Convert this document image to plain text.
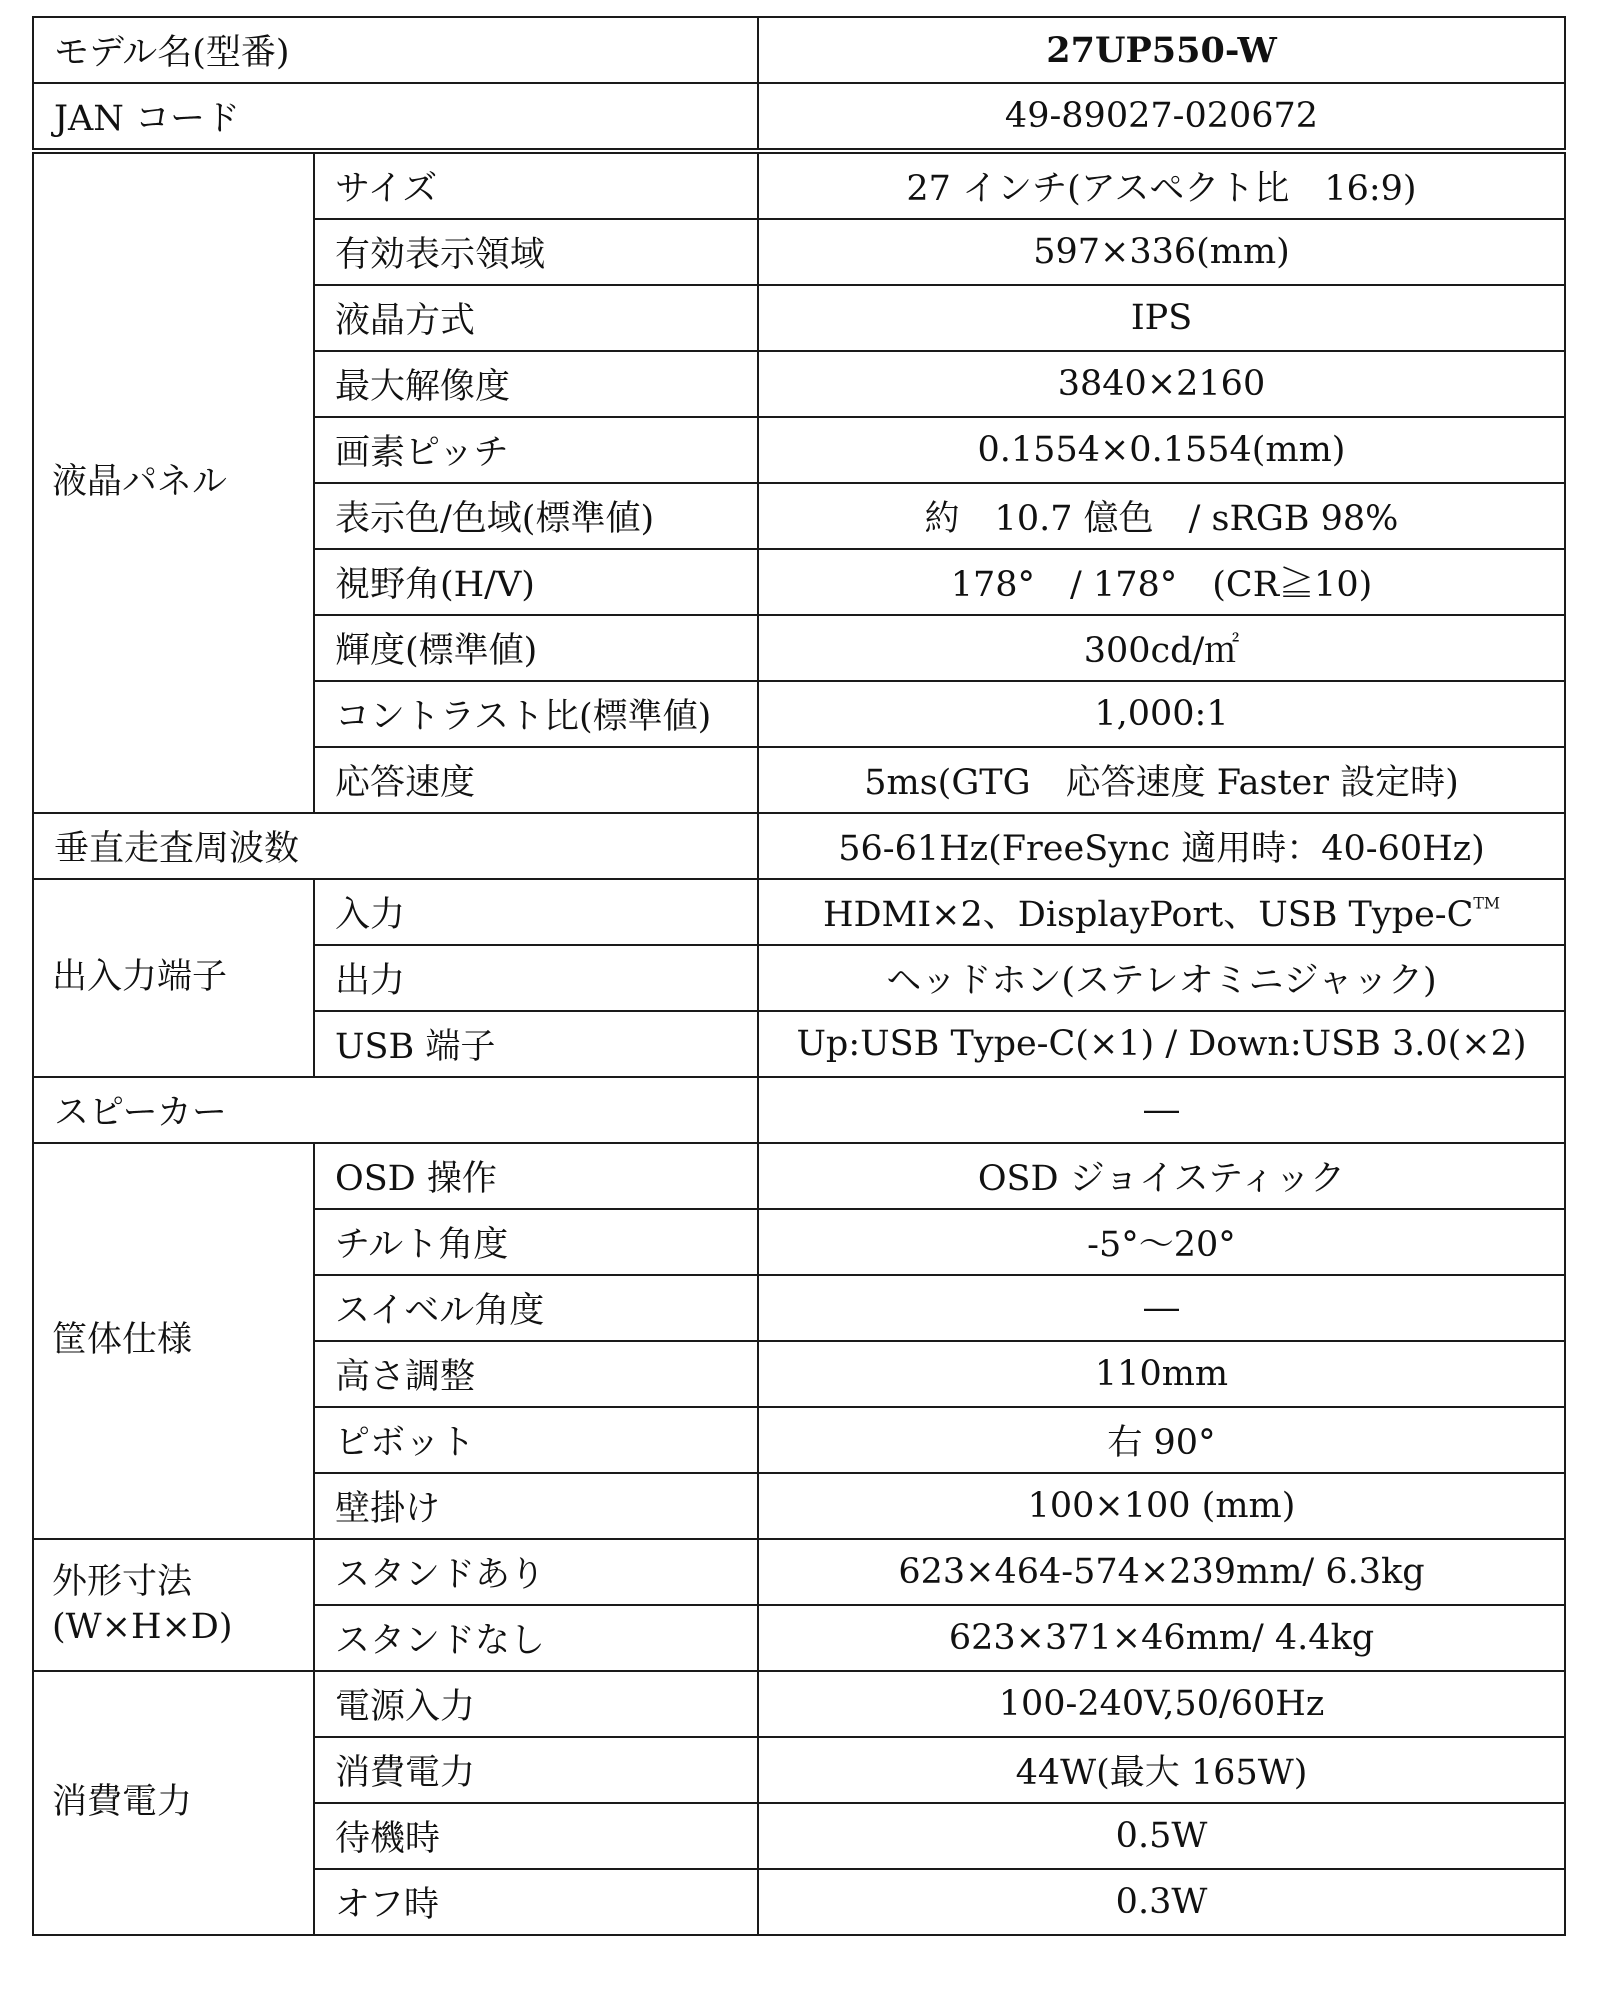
モデル名(型番)		27UP550-W
JAN コード		49-89027-020672
液晶パネル	サイズ	27 インチ(アスペクト比　16:9)
	有効表示領域	597×336(mm)
	液晶方式	IPS
	最大解像度	3840×2160
	画素ピッチ	0.1554×0.1554(mm)
	表示色/色域(標準値)	約　10.7 億色　/ sRGB 98%
	視野角(H/V)	178°　/ 178°　(CR≧10)
	輝度(標準値)	300cd/㎡
	コントラスト比(標準値)	1,000:1
	応答速度	5ms(GTG　応答速度 Faster 設定時)
垂直走査周波数		56-61Hz(FreeSync 適用時：40-60Hz)
出入力端子	入力	HDMI×2、DisplayPort、USB Type-C™
	出力	ヘッドホン(ステレオミニジャック)
	USB 端子	Up:USB Type-C(×1) / Down:USB 3.0(×2)
スピーカー		―
筐体仕様	OSD 操作	OSD ジョイスティック
	チルト角度	-5°～20°
	スイベル角度	―
	高さ調整	110mm
	ピボット	右 90°
	壁掛け	100×100 (mm)
外形寸法
(W×H×D)	スタンドあり	623×464-574×239mm/ 6.3kg
	スタンドなし	623×371×46mm/ 4.4kg
消費電力	電源入力	100-240V,50/60Hz
	消費電力	44W(最大 165W)
	待機時	0.5W
	オフ時	0.3W
